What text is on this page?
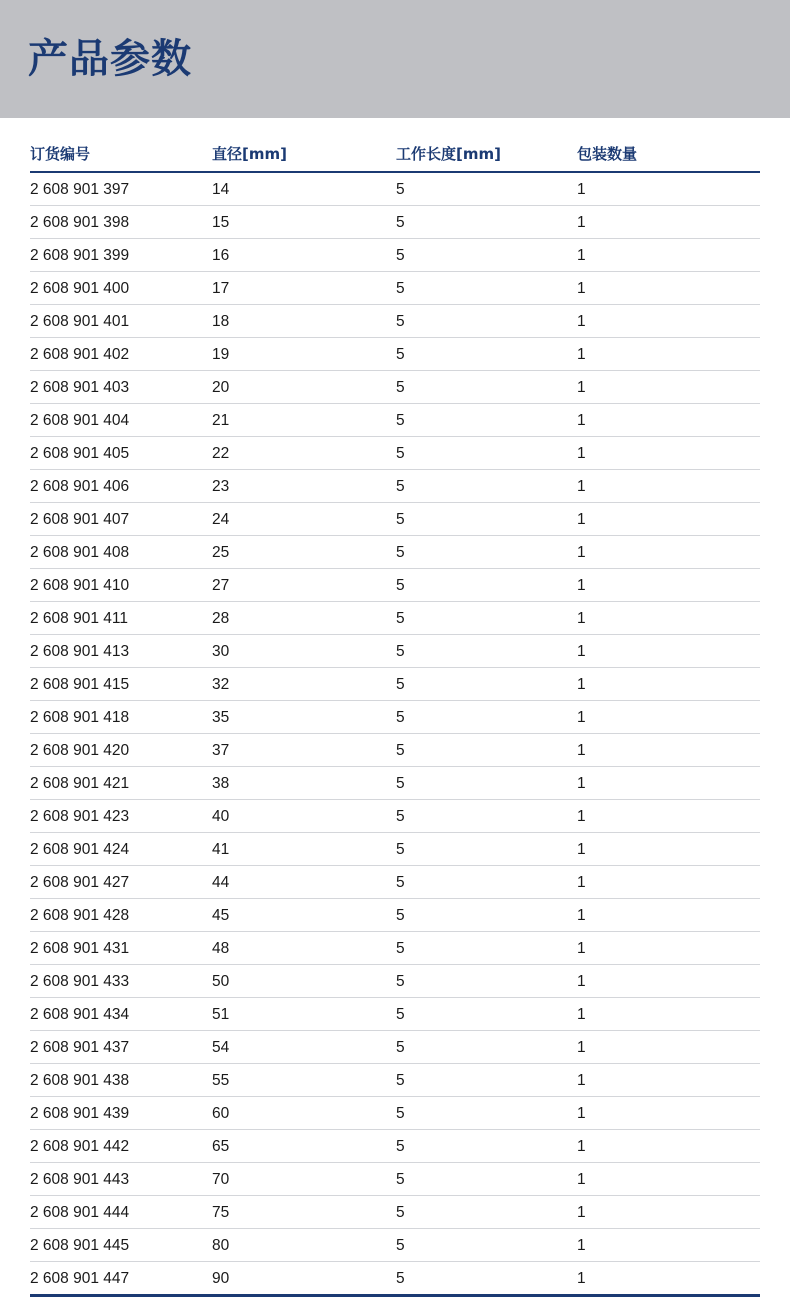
产品参数
订货编号	直径[mm]	工作长度[mm]	包装数量
2 608 901 397	14	5	1
2 608 901 398	15	5	1
2 608 901 399	16	5	1
2 608 901 400	17	5	1
2 608 901 401	18	5	1
2 608 901 402	19	5	1
2 608 901 403	20	5	1
2 608 901 404	21	5	1
2 608 901 405	22	5	1
2 608 901 406	23	5	1
2 608 901 407	24	5	1
2 608 901 408	25	5	1
2 608 901 410	27	5	1
2 608 901 411	28	5	1
2 608 901 413	30	5	1
2 608 901 415	32	5	1
2 608 901 418	35	5	1
2 608 901 420	37	5	1
2 608 901 421	38	5	1
2 608 901 423	40	5	1
2 608 901 424	41	5	1
2 608 901 427	44	5	1
2 608 901 428	45	5	1
2 608 901 431	48	5	1
2 608 901 433	50	5	1
2 608 901 434	51	5	1
2 608 901 437	54	5	1
2 608 901 438	55	5	1
2 608 901 439	60	5	1
2 608 901 442	65	5	1
2 608 901 443	70	5	1
2 608 901 444	75	5	1
2 608 901 445	80	5	1
2 608 901 447	90	5	1
